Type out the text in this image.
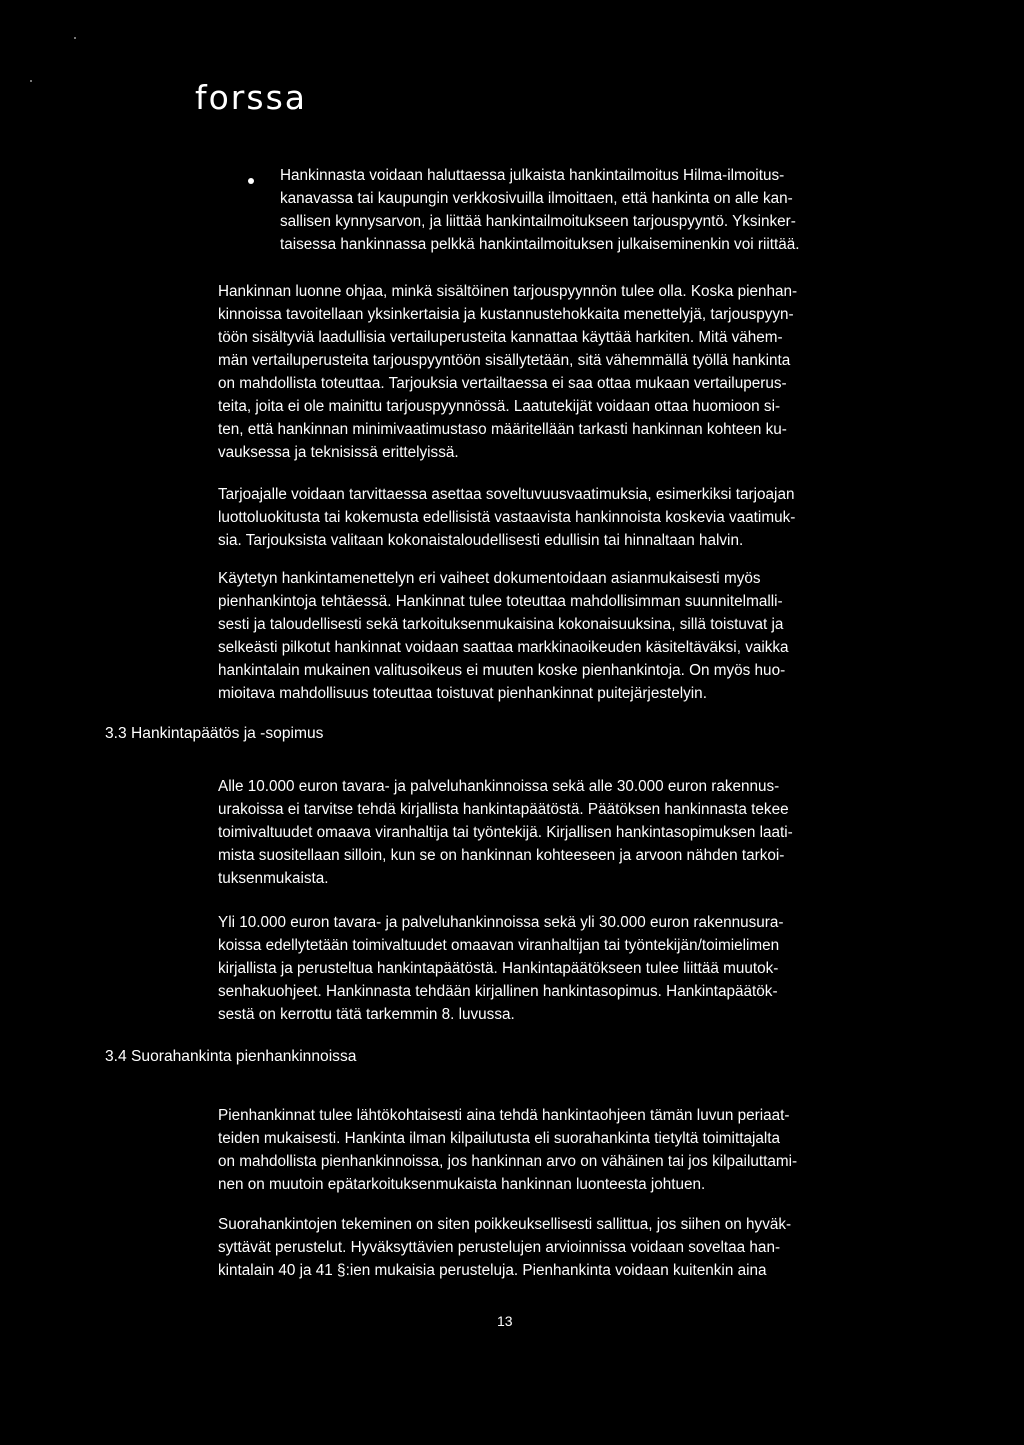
forssa

Hankinnasta voidaan haluttaessa julkaista hankintailmoitus Hilma-ilmoitus-
kanavassa tai kaupungin verkkosivuilla ilmoittaen, että hankinta on alle kan-
sallisen kynnysarvon, ja liittää hankintailmoitukseen tarjouspyyntö. Yksinker-
taisessa hankinnassa pelkkä hankintailmoituksen julkaiseminenkin voi riittää.

Hankinnan luonne ohjaa, minkä sisältöinen tarjouspyynnön tulee olla. Koska pienhan-
kinnoissa tavoitellaan yksinkertaisia ja kustannustehokkaita menettelyjä, tarjouspyyn-
töön sisältyviä laadullisia vertailuperusteita kannattaa käyttää harkiten. Mitä vähem-
män vertailuperusteita tarjouspyyntöön sisällytetään, sitä vähemmällä työllä hankinta
on mahdollista toteuttaa. Tarjouksia vertailtaessa ei saa ottaa mukaan vertailuperus-
teita, joita ei ole mainittu tarjouspyynnössä. Laatutekijät voidaan ottaa huomioon si-
ten, että hankinnan minimivaatimustaso määritellään tarkasti hankinnan kohteen ku-
vauksessa ja teknisissä erittelyissä.

Tarjoajalle voidaan tarvittaessa asettaa soveltuvuusvaatimuksia, esimerkiksi tarjoajan
luottoluokitusta tai kokemusta edellisistä vastaavista hankinnoista koskevia vaatimuk-
sia. Tarjouksista valitaan kokonaistaloudellisesti edullisin tai hinnaltaan halvin.

Käytetyn hankintamenettelyn eri vaiheet dokumentoidaan asianmukaisesti myös
pienhankintoja tehtäessä. Hankinnat tulee toteuttaa mahdollisimman suunnitelmalli-
sesti ja taloudellisesti sekä tarkoituksenmukaisina kokonaisuuksina, sillä toistuvat ja
selkeästi pilkotut hankinnat voidaan saattaa markkinaoikeuden käsiteltäväksi, vaikka
hankintalain mukainen valitusoikeus ei muuten koske pienhankintoja. On myös huo-
mioitava mahdollisuus toteuttaa toistuvat pienhankinnat puitejärjestelyin.

3.3 Hankintapäätös ja -sopimus

Alle 10.000 euron tavara- ja palveluhankinnoissa sekä alle 30.000 euron rakennus-
urakoissa ei tarvitse tehdä kirjallista hankintapäätöstä. Päätöksen hankinnasta tekee
toimivaltuudet omaava viranhaltija tai työntekijä. Kirjallisen hankintasopimuksen laati-
mista suositellaan silloin, kun se on hankinnan kohteeseen ja arvoon nähden tarkoi-
tuksenmukaista.

Yli 10.000 euron tavara- ja palveluhankinnoissa sekä yli 30.000 euron rakennusura-
koissa edellytetään toimivaltuudet omaavan viranhaltijan tai työntekijän/toimielimen
kirjallista ja perusteltua hankintapäätöstä. Hankintapäätökseen tulee liittää muutok-
senhakuohjeet. Hankinnasta tehdään kirjallinen hankintasopimus. Hankintapäätök-
sestä on kerrottu tätä tarkemmin 8. luvussa.

3.4 Suorahankinta pienhankinnoissa

Pienhankinnat tulee lähtökohtaisesti aina tehdä hankintaohjeen tämän luvun periaat-
teiden mukaisesti. Hankinta ilman kilpailutusta eli suorahankinta tietyltä toimittajalta
on mahdollista pienhankinnoissa, jos hankinnan arvo on vähäinen tai jos kilpailuttami-
nen on muutoin epätarkoituksenmukaista hankinnan luonteesta johtuen.

Suorahankintojen tekeminen on siten poikkeuksellisesti sallittua, jos siihen on hyväk-
syttävät perustelut. Hyväksyttävien perustelujen arvioinnissa voidaan soveltaa han-
kintalain 40 ja 41 §:ien mukaisia perusteluja. Pienhankinta voidaan kuitenkin aina

13
